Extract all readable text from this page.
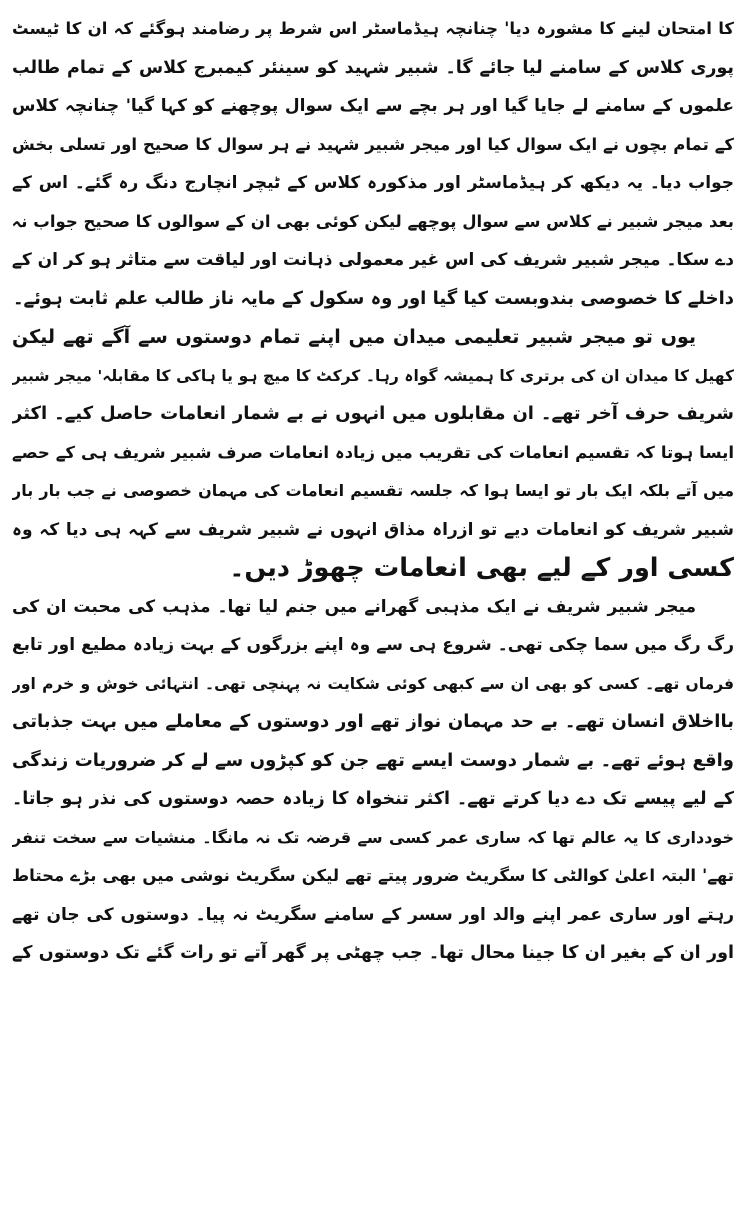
کا امتحان لینے کا مشورہ دیا' چنانچہ ہیڈماسٹر اس شرط پر رضامند ہوگئے کہ ان کا ٹیسٹ
پوری کلاس کے سامنے لیا جائے گا۔ شبیر شہید کو سینئر کیمبرج کلاس کے تمام طالب
علموں کے سامنے لے جایا گیا اور ہر بچے سے ایک سوال پوچھنے کو کہا گیا' چنانچہ کلاس
کے تمام بچوں نے ایک سوال کیا اور میجر شبیر شہید نے ہر سوال کا صحیح اور تسلی بخش
جواب دیا۔ یہ دیکھ کر ہیڈماسٹر اور مذکورہ کلاس کے ٹیچر انچارج دنگ رہ گئے۔ اس کے
بعد میجر شبیر نے کلاس سے سوال پوچھے لیکن کوئی بھی ان کے سوالوں کا صحیح جواب نہ
دے سکا۔ میجر شبیر شریف کی اس غیر معمولی ذہانت اور لیاقت سے متاثر ہو کر ان کے
داخلے کا خصوصی بندوبست کیا گیا اور وہ سکول کے مایہ ناز طالب علم ثابت ہوئے۔
یوں تو میجر شبیر تعلیمی میدان میں اپنے تمام دوستوں سے آگے تھے لیکن
کھیل کا میدان ان کی برتری کا ہمیشہ گواہ رہا۔ کرکٹ کا میچ ہو یا ہاکی کا مقابلہ' میجر شبیر
شریف حرف آخر تھے۔ ان مقابلوں میں انہوں نے بے شمار انعامات حاصل کیے۔ اکثر
ایسا ہوتا کہ تقسیم انعامات کی تقریب میں زیادہ انعامات صرف شبیر شریف ہی کے حصے
میں آتے بلکہ ایک بار تو ایسا ہوا کہ جلسہ تقسیم انعامات کی مہمان خصوصی نے جب بار بار
شبیر شریف کو انعامات دیے تو ازراہ مذاق انہوں نے شبیر شریف سے کہہ ہی دیا کہ وہ
کسی اور کے لیے بھی انعامات چھوڑ دیں۔
میجر شبیر شریف نے ایک مذہبی گھرانے میں جنم لیا تھا۔ مذہب کی محبت ان کی
رگ رگ میں سما چکی تھی۔ شروع ہی سے وہ اپنے بزرگوں کے بہت زیادہ مطیع اور تابع
فرماں تھے۔ کسی کو بھی ان سے کبھی کوئی شکایت نہ پہنچی تھی۔ انتہائی خوش و خرم اور
بااخلاق انسان تھے۔ بے حد مہمان نواز تھے اور دوستوں کے معاملے میں بہت جذباتی
واقع ہوئے تھے۔ بے شمار دوست ایسے تھے جن کو کپڑوں سے لے کر ضروریات زندگی
کے لیے پیسے تک دے دیا کرتے تھے۔ اکثر تنخواہ کا زیادہ حصہ دوستوں کی نذر ہو جاتا۔
خودداری کا یہ عالم تھا کہ ساری عمر کسی سے قرضہ تک نہ مانگا۔ منشیات سے سخت تنفر
تھے' البتہ اعلیٰ کوالٹی کا سگریٹ ضرور پیتے تھے لیکن سگریٹ نوشی میں بھی بڑے محتاط
رہتے اور ساری عمر اپنے والد اور سسر کے سامنے سگریٹ نہ پیا۔ دوستوں کی جان تھے
اور ان کے بغیر ان کا جینا محال تھا۔ جب چھٹی پر گھر آتے تو رات گئے تک دوستوں کے
